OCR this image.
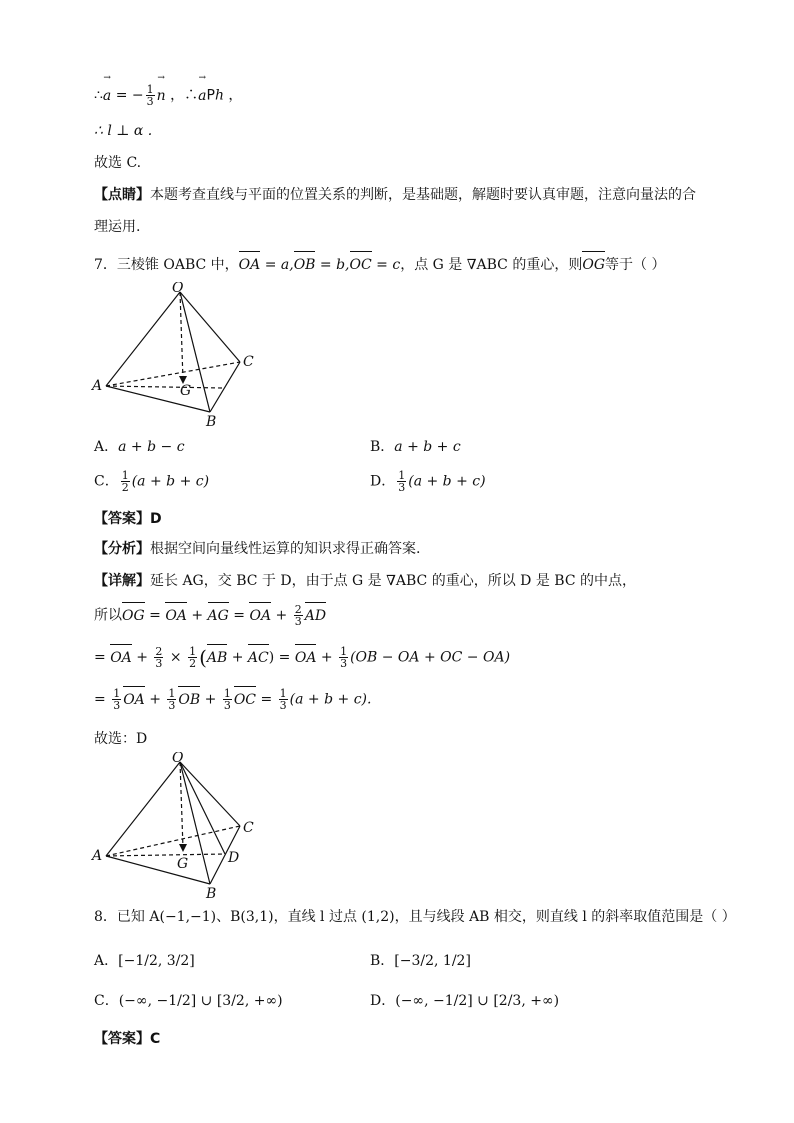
∴→ a = − $\frac{1}{3}$
→ n ，∴→ aPh ，
∴ l ⊥ α .
故选 C.
【点睛】本题考查直线与平面的位置关系的判断，是基础题，解题时要认真审题，注意向量法的合
理运用.
7．三棱锥 OABC 中，OA = a,OB = b,OC = c，点 G 是 ∇ABC 的重心，则OG等于（ ）
O
A
B
C
G
A．a + b − c	B．a + b + c
C． $\frac{1}{2} (a + b + c)$	D． $\frac{1}{3} (a + b + c)$
【答案】D
【分析】根据空间向量线性运算的知识求得正确答案.
【详解】延长 AG，交 BC 于 D，由于点 G 是 ∇ABC 的重心，所以 D 是 BC 的中点，
所以OG = OA + AG = OA + $\frac{2}{3}$ AD
= OA + $\frac{2}{3} \times \frac{1}{2} (AB + AC)$ = OA + $\frac{1}{3} (OB$ − OA + OC − OA)
= $\frac{1}{3}$ OA + $\frac{1}{3}$ OB + $\frac{1}{3}$ OC = $\frac{1}{3} (a + b + c)$.
故选：D
O
A
B
C
G	D
8．已知 A(−1,−1)、B(3,1)，直线 l 过点 (1,2)，且与线段 AB 相交，则直线 l 的斜率取值范围是（ ）
A．[−1/2, 3/2]	B．[−3/2, 1/2]
C．(−∞, −1/2] ∪ [3/2, +∞)	D．(−∞, −1/2] ∪ [2/3, +∞)
【答案】C
